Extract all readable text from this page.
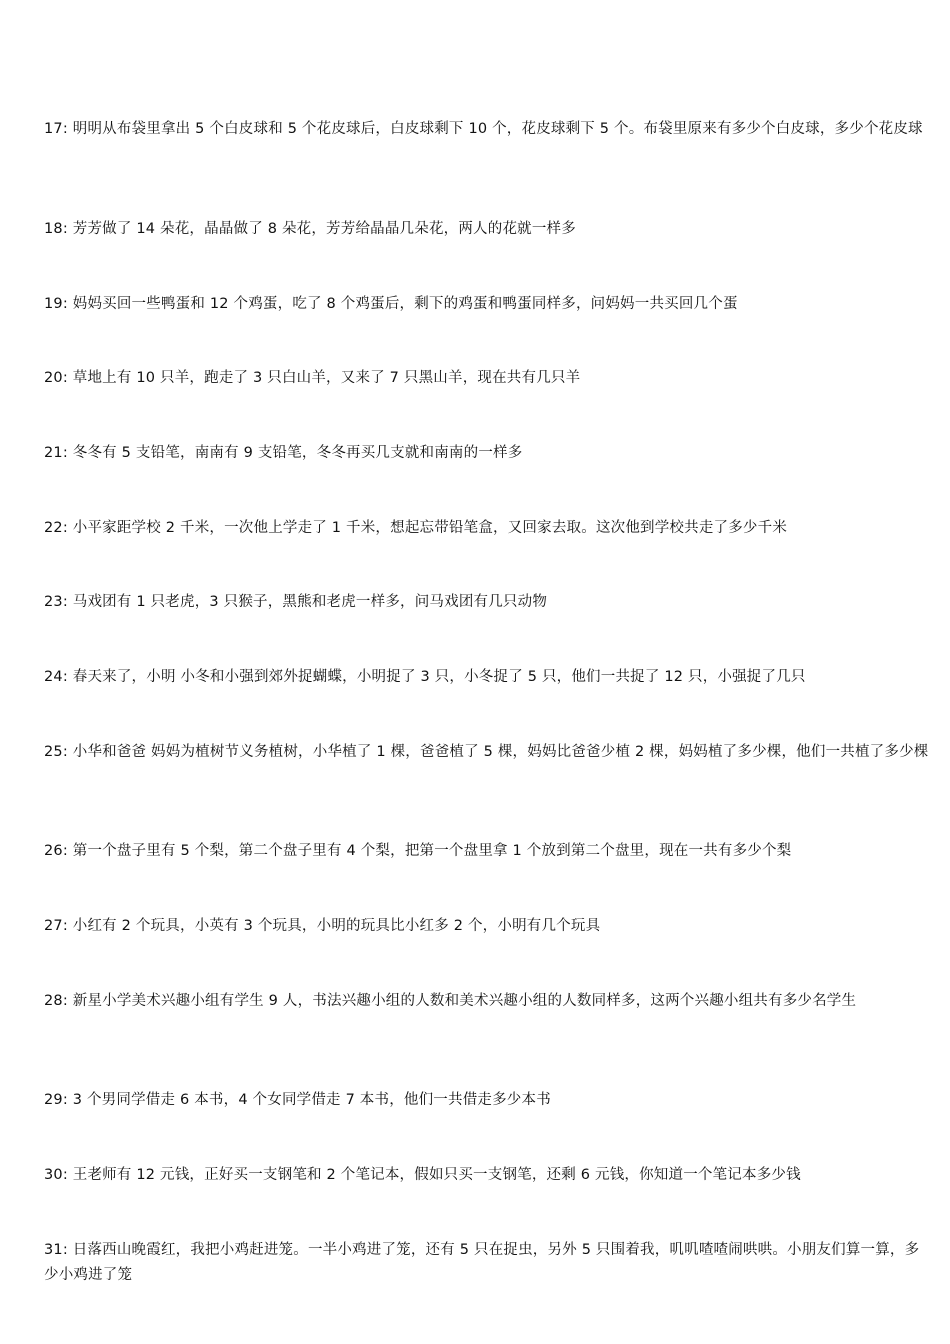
17: 明明从布袋里拿出 5 个白皮球和 5 个花皮球后，白皮球剩下 10 个，花皮球剩下 5 个。布袋里原来有多少个白皮球，多少个花皮球
18: 芳芳做了 14 朵花，晶晶做了 8 朵花，芳芳给晶晶几朵花，两人的花就一样多
19: 妈妈买回一些鸭蛋和 12 个鸡蛋，吃了 8 个鸡蛋后，剩下的鸡蛋和鸭蛋同样多，问妈妈一共买回几个蛋
20: 草地上有 10 只羊，跑走了 3 只白山羊，又来了 7 只黑山羊，现在共有几只羊
21: 冬冬有 5 支铅笔，南南有 9 支铅笔，冬冬再买几支就和南南的一样多
22: 小平家距学校 2 千米，一次他上学走了 1 千米，想起忘带铅笔盒，又回家去取。这次他到学校共走了多少千米
23: 马戏团有 1 只老虎，3 只猴子，黑熊和老虎一样多，问马戏团有几只动物
24: 春天来了，小明 小冬和小强到郊外捉蝴蝶，小明捉了 3 只，小冬捉了 5 只，他们一共捉了 12 只，小强捉了几只
25: 小华和爸爸 妈妈为植树节义务植树，小华植了 1 棵，爸爸植了 5 棵，妈妈比爸爸少植 2 棵，妈妈植了多少棵，他们一共植了多少棵
26: 第一个盘子里有 5 个梨，第二个盘子里有 4 个梨，把第一个盘里拿 1 个放到第二个盘里，现在一共有多少个梨
27: 小红有 2 个玩具，小英有 3 个玩具，小明的玩具比小红多 2 个，小明有几个玩具
28: 新星小学美术兴趣小组有学生 9 人，书法兴趣小组的人数和美术兴趣小组的人数同样多，这两个兴趣小组共有多少名学生
29: 3 个男同学借走 6 本书，4 个女同学借走 7 本书，他们一共借走多少本书
30: 王老师有 12 元钱，正好买一支钢笔和 2 个笔记本，假如只买一支钢笔，还剩 6 元钱，你知道一个笔记本多少钱
31: 日落西山晚霞红，我把小鸡赶进笼。一半小鸡进了笼，还有 5 只在捉虫，另外 5 只围着我，叽叽喳喳闹哄哄。小朋友们算一算，多少小鸡进了笼
